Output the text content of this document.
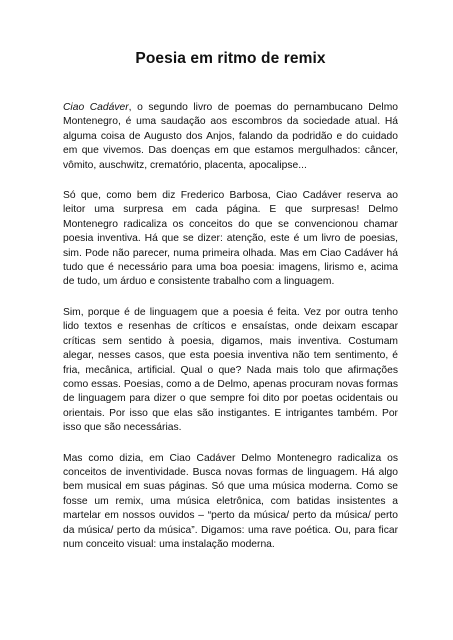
Poesia em ritmo de remix

Ciao Cadáver, o segundo livro de poemas do pernambucano Delmo Montenegro, é uma saudação aos escombros da sociedade atual. Há alguma coisa de Augusto dos Anjos, falando da podridão e do cuidado em que vivemos. Das doenças em que estamos mergulhados: câncer, vômito, auschwitz, crematório, placenta, apocalipse...

Só que, como bem diz Frederico Barbosa, Ciao Cadáver reserva ao leitor uma surpresa em cada página. E que surpresas! Delmo Montenegro radicaliza os conceitos do que se convencionou chamar poesia inventiva. Há que se dizer: atenção, este é um livro de poesias, sim. Pode não parecer, numa primeira olhada. Mas em Ciao Cadáver há tudo que é necessário para uma boa poesia: imagens, lirismo e, acima de tudo, um árduo e consistente trabalho com a linguagem.

Sim, porque é de linguagem que a poesia é feita. Vez por outra tenho lido textos e resenhas de críticos e ensaístas, onde deixam escapar críticas sem sentido à poesia, digamos, mais inventiva. Costumam alegar, nesses casos, que esta poesia inventiva não tem sentimento, é fria, mecânica, artificial. Qual o que? Nada mais tolo que afirmações como essas. Poesias, como a de Delmo, apenas procuram novas formas de linguagem para dizer o que sempre foi dito por poetas ocidentais ou orientais. Por isso que elas são instigantes. E intrigantes também. Por isso que são necessárias.

Mas como dizia, em Ciao Cadáver Delmo Montenegro radicaliza os conceitos de inventividade. Busca novas formas de linguagem. Há algo bem musical em suas páginas. Só que uma música moderna. Como se fosse um remix, uma música eletrônica, com batidas insistentes a martelar em nossos ouvidos – “perto da música/ perto da música/ perto da música/ perto da música”. Digamos: uma rave poética. Ou, para ficar num conceito visual: uma instalação moderna.
